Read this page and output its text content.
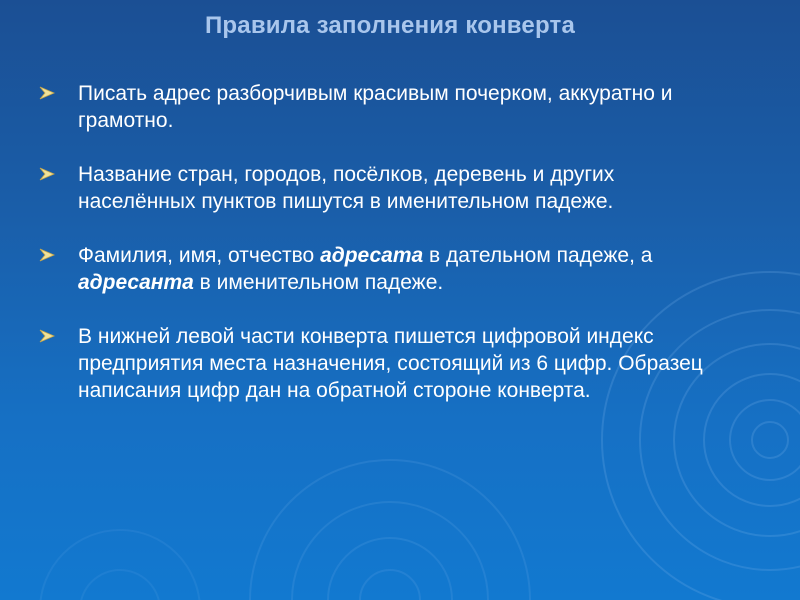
Правила заполнения конверта
Писать адрес разборчивым красивым почерком, аккуратно и грамотно.
Название стран, городов, посёлков, деревень и других населённых пунктов пишутся в именительном падеже.
Фамилия, имя, отчество адресата в дательном падеже, а адресанта в именительном падеже.
В нижней левой части конверта пишется цифровой индекс предприятия места назначения, состоящий из 6 цифр. Образец написания цифр дан на обратной стороне конверта.
